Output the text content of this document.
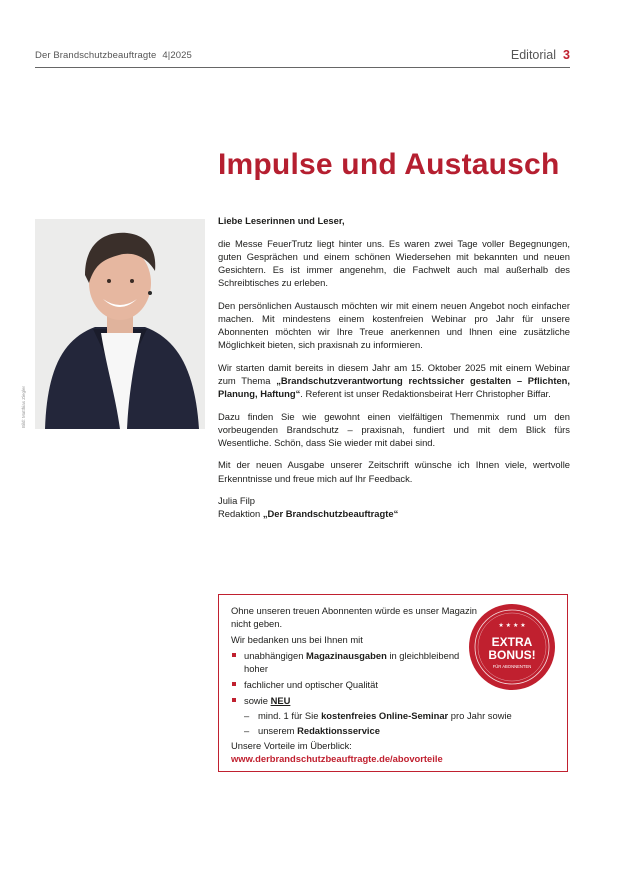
Der Brandschutzbeauftragte 4|2025	Editorial 3
Impulse und Austausch
Bild: Matthias Ziegler

Liebe Leserinnen und Leser,

die Messe FeuerTrutz liegt hinter uns. Es waren zwei Tage voller Begegnungen, guten Gesprächen und einem schönen Wiedersehen mit bekannten und neuen Gesichtern. Es ist immer angenehm, die Fachwelt auch mal außerhalb des Schreibtisches zu erleben.

Den persönlichen Austausch möchten wir mit einem neuen Angebot noch einfacher machen. Mit mindestens einem kostenfreien Webinar pro Jahr für unsere Abonnenten möchten wir Ihre Treue anerkennen und Ihnen eine zusätzliche Möglichkeit bieten, sich praxisnah zu informieren.

Wir starten damit bereits in diesem Jahr am 15. Oktober 2025 mit einem Webinar zum Thema „Brandschutzverantwortung rechtssicher gestalten – Pflichten, Planung, Haftung“. Referent ist unser Redaktionsbeirat Herr Christopher Biffar.

Dazu finden Sie wie gewohnt einen vielfältigen Themenmix rund um den vorbeugenden Brandschutz – praxisnah, fundiert und mit dem Blick fürs Wesentliche. Schön, dass Sie wieder mit dabei sind.

Mit der neuen Ausgabe unserer Zeitschrift wünsche ich Ihnen viele, wertvolle Erkenntnisse und freue mich auf Ihr Feedback.

Julia Filp

Redaktion „Der Brandschutzbeauftragte“

Ohne unseren treuen Abonnenten würde es unser Magazin nicht geben.

Wir bedanken uns bei Ihnen mit

unabhängigen Magazinausgaben in gleichbleibend hoher
fachlicher und optischer Qualität
sowie NEU

– mind. 1 für Sie kostenfreies Online-Seminar pro Jahr sowie

– unserem Redaktionsservice

Unsere Vorteile im Überblick:

www.derbrandschutzbeauftragte.de/abovorteile

★ ★ ★ ★
EXTRA
BONUS!
FÜR ABONNENTEN
